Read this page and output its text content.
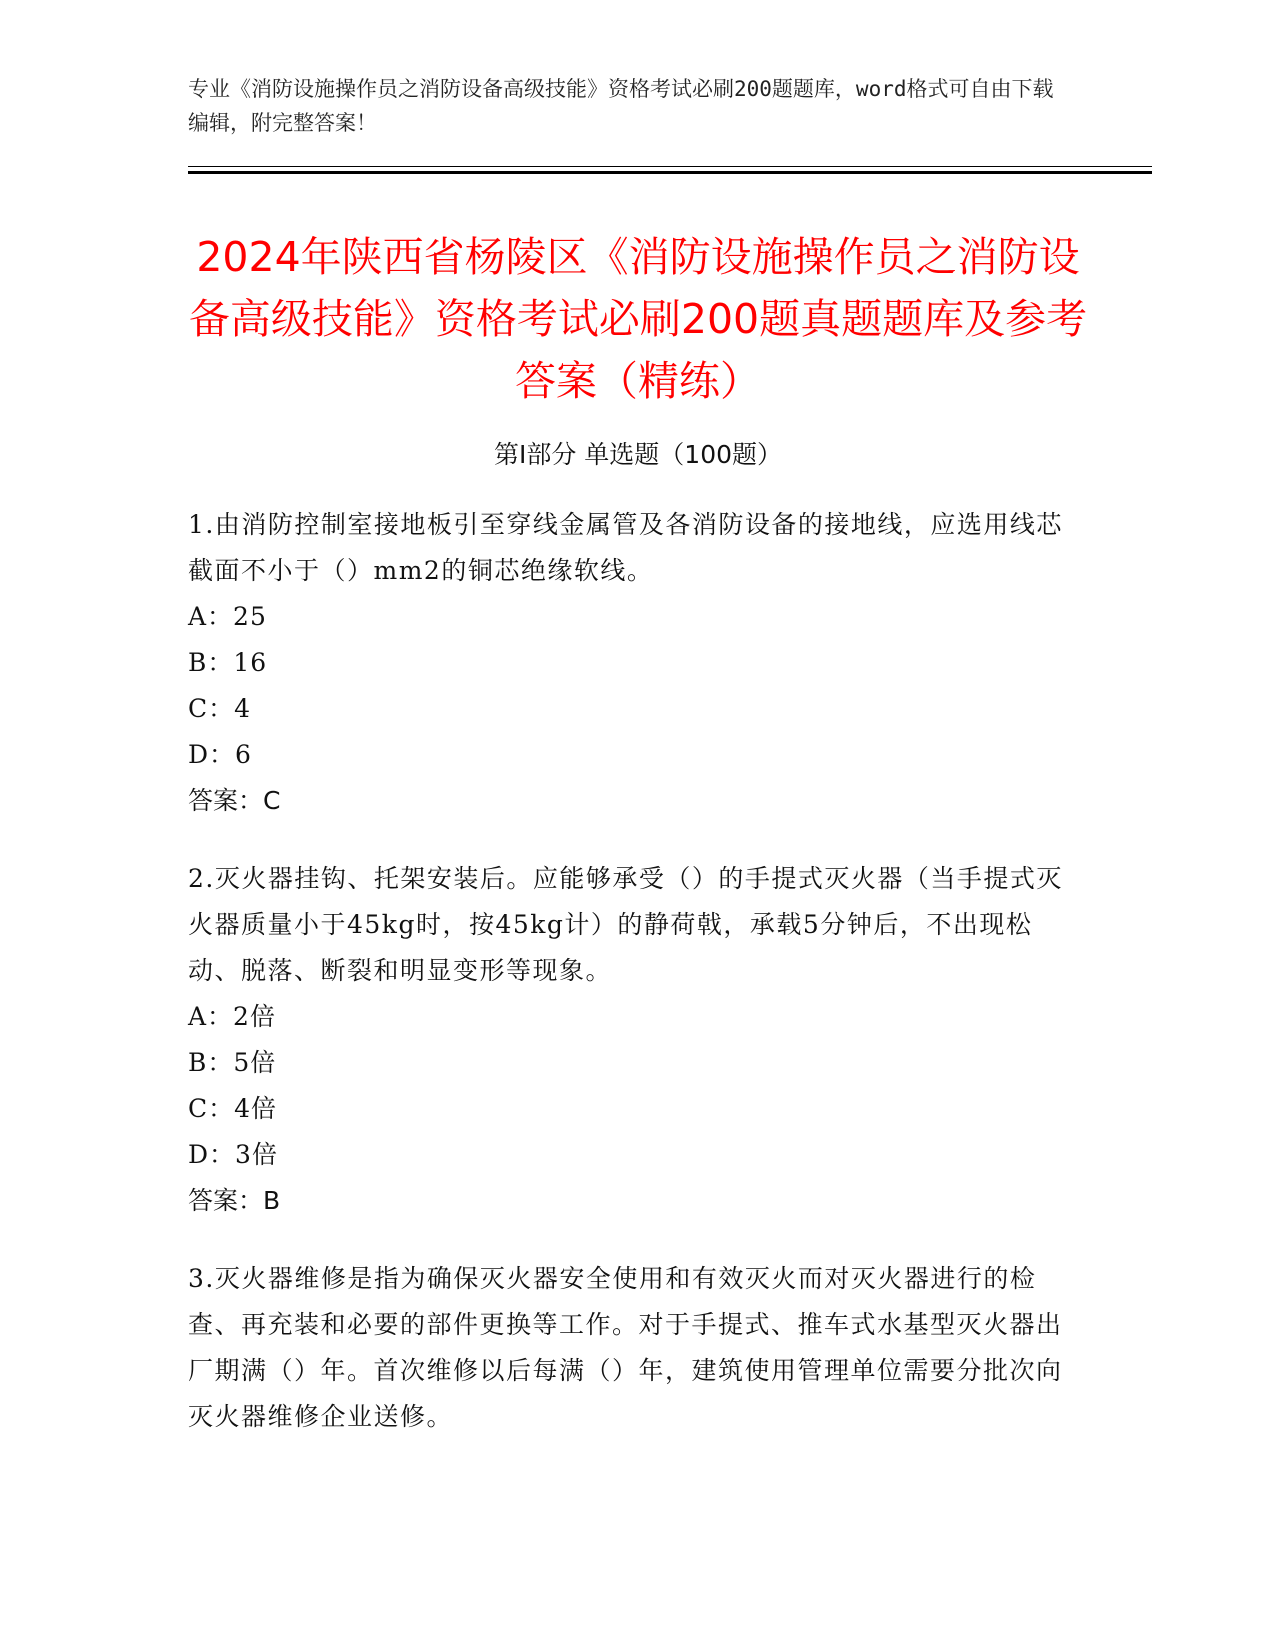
专业《消防设施操作员之消防设备高级技能》资格考试必刷200题题库，word格式可自由下载编辑，附完整答案！
2024年陕西省杨陵区《消防设施操作员之消防设备高级技能》资格考试必刷200题真题题库及参考答案（精练）
第I部分 单选题（100题）

1.由消防控制室接地板引至穿线金属管及各消防设备的接地线，应选用线芯截面不小于（）mm2的铜芯绝缘软线。

A：25

B：16

C：4

D：6

答案：C

2.灭火器挂钩、托架安装后。应能够承受（）的手提式灭火器（当手提式灭火器质量小于45kg时，按45kg计）的静荷戟，承载5分钟后，不出现松动、脱落、断裂和明显变形等现象。

A：2倍

B：5倍

C：4倍

D：3倍

答案：B

3.灭火器维修是指为确保灭火器安全使用和有效灭火而对灭火器进行的检查、再充装和必要的部件更换等工作。对于手提式、推车式水基型灭火器出厂期满（）年。首次维修以后每满（）年，建筑使用管理单位需要分批次向灭火器维修企业送修。
